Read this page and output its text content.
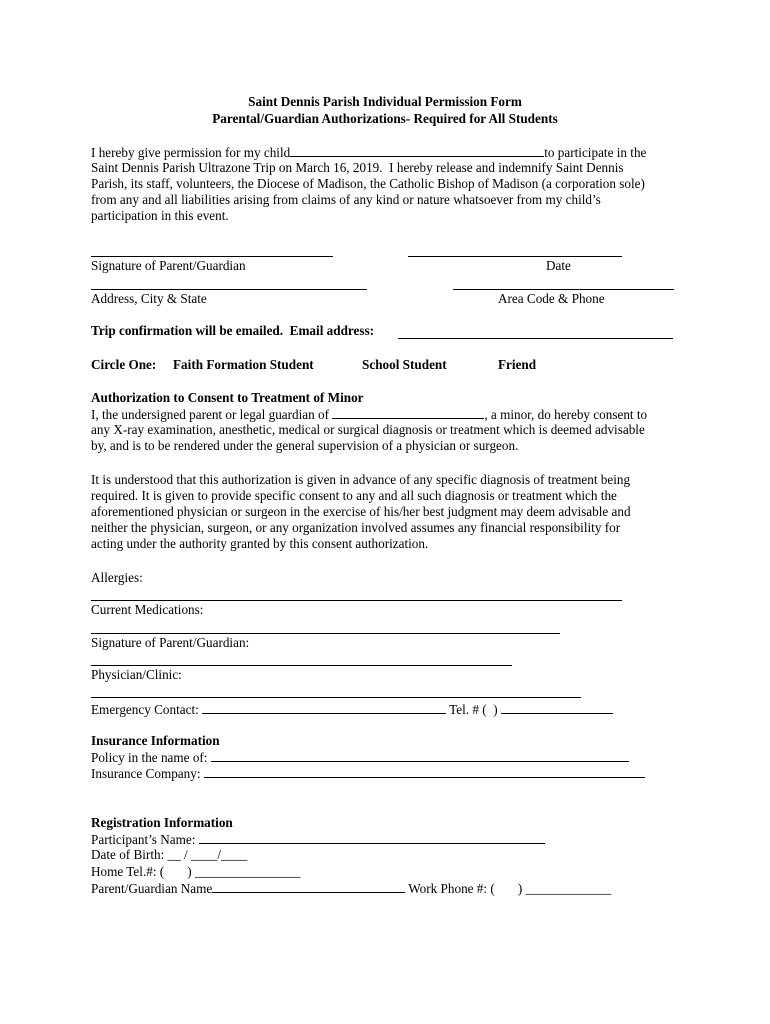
Saint Dennis Parish Individual Permission Form

Parental/Guardian Authorizations- Required for All Students

I hereby give permission for my child	to participate in the

Saint Dennis Parish Ultrazone Trip on March 16, 2019.  I hereby release and indemnify Saint Dennis

Parish, its staff, volunteers, the Diocese of Madison, the Catholic Bishop of Madison (a corporation sole)

from any and all liabilities arising from claims of any kind or nature whatsoever from my child’s

participation in this event.

Signature of Parent/Guardian	Date

Address, City & State	Area Code & Phone

Trip confirmation will be emailed.  Email address:

Circle One: Faith Formation Student	School Student	Friend

Authorization to Consent to Treatment of Minor

I, the undersigned parent or legal guardian of	, a minor, do hereby consent to

any X-ray examination, anesthetic, medical or surgical diagnosis or treatment which is deemed advisable

by, and is to be rendered under the general supervision of a physician or surgeon.

It is understood that this authorization is given in advance of any specific diagnosis of treatment being

required. It is given to provide specific consent to any and all such diagnosis or treatment which the

aforementioned physician or surgeon in the exercise of his/her best judgment may deem advisable and

neither the physician, surgeon, or any organization involved assumes any financial responsibility for

acting under the authority granted by this consent authorization.

Allergies:

Current Medications:

Signature of Parent/Guardian:

Physician/Clinic:

Emergency Contact:	Tel. # (  )

Insurance Information

Policy in the name of:

Insurance Company:

Registration Information

Participant’s Name:

Date of Birth: __ / ____/____

Home Tel.#: (       ) ________________

Parent/Guardian Name	Work Phone #: (       ) _____________
